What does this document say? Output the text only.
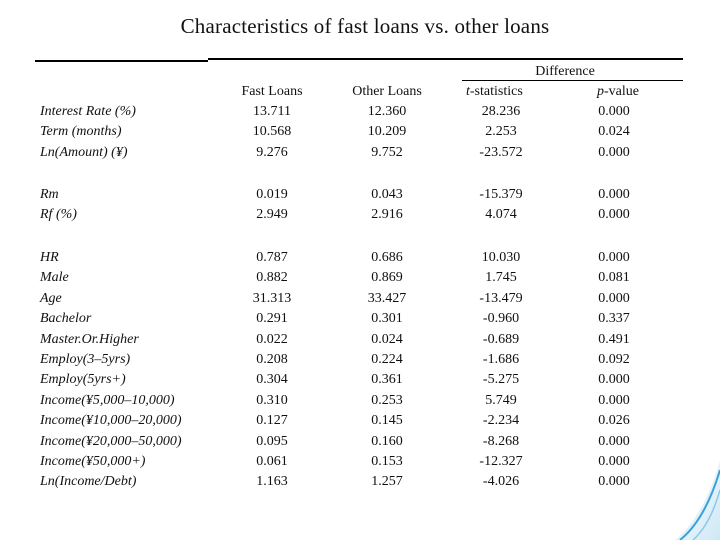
Characteristics of fast loans vs. other loans
Difference
Fast Loans	Other Loans	t-statistics	p-value
Interest Rate (%)	13.711	12.360	28.236	0.000
Term (months)	10.568	10.209	2.253	0.024
Ln(Amount) (¥)	9.276	9.752	-23.572	0.000
Rm	0.019	0.043	-15.379	0.000
Rf (%)	2.949	2.916	4.074	0.000
HR	0.787	0.686	10.030	0.000
Male	0.882	0.869	1.745	0.081
Age	31.313	33.427	-13.479	0.000
Bachelor	0.291	0.301	-0.960	0.337
Master.Or.Higher	0.022	0.024	-0.689	0.491
Employ(3–5yrs)	0.208	0.224	-1.686	0.092
Employ(5yrs+)	0.304	0.361	-5.275	0.000
Income(¥5,000–10,000)	0.310	0.253	5.749	0.000
Income(¥10,000–20,000)	0.127	0.145	-2.234	0.026
Income(¥20,000–50,000)	0.095	0.160	-8.268	0.000
Income(¥50,000+)	0.061	0.153	-12.327	0.000
Ln(Income/Debt)	1.163	1.257	-4.026	0.000
